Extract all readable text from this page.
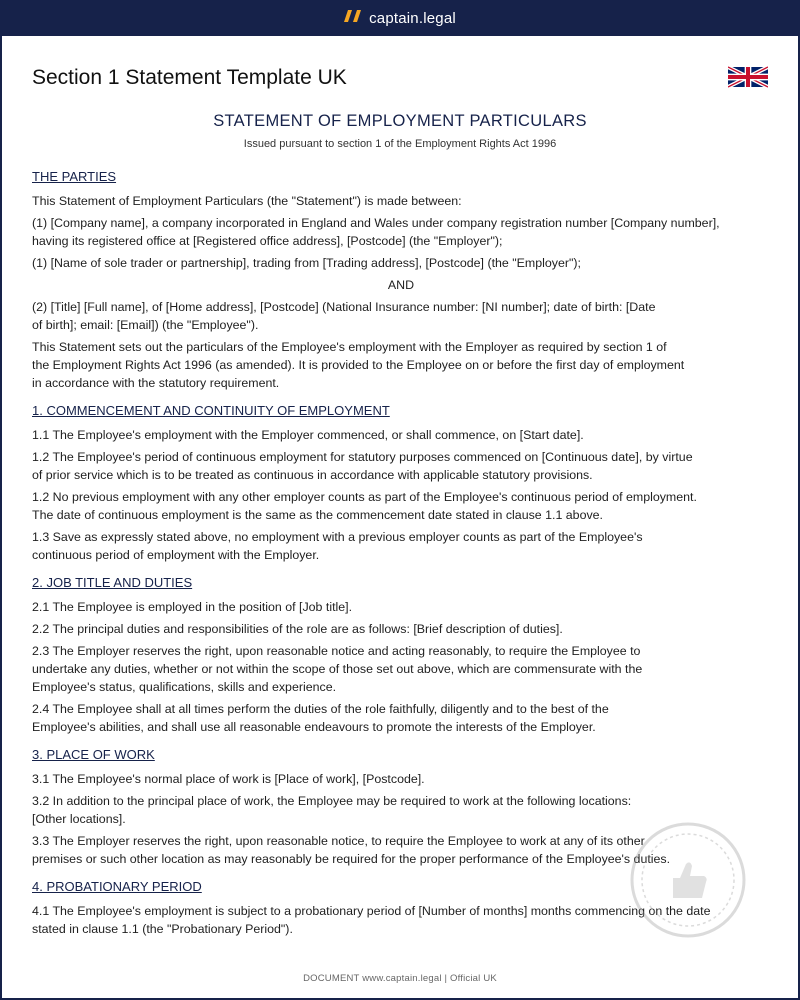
captain.legal
Section 1 Statement Template UK
STATEMENT OF EMPLOYMENT PARTICULARS
Issued pursuant to section 1 of the Employment Rights Act 1996
THE PARTIES

This Statement of Employment Particulars (the "Statement") is made between:

(1) [Company name], a company incorporated in England and Wales under company registration number [Company number],
having its registered office at [Registered office address], [Postcode] (the "Employer");

(1) [Name of sole trader or partnership], trading from [Trading address], [Postcode] (the "Employer");

AND

(2) [Title] [Full name], of [Home address], [Postcode] (National Insurance number: [NI number]; date of birth: [Date
of birth]; email: [Email]) (the "Employee").

This Statement sets out the particulars of the Employee's employment with the Employer as required by section 1 of
the Employment Rights Act 1996 (as amended). It is provided to the Employee on or before the first day of employment
in accordance with the statutory requirement.

1. COMMENCEMENT AND CONTINUITY OF EMPLOYMENT

1.1 The Employee's employment with the Employer commenced, or shall commence, on [Start date].

1.2 The Employee's period of continuous employment for statutory purposes commenced on [Continuous date], by virtue
of prior service which is to be treated as continuous in accordance with applicable statutory provisions.

1.2 No previous employment with any other employer counts as part of the Employee's continuous period of employment.
The date of continuous employment is the same as the commencement date stated in clause 1.1 above.

1.3 Save as expressly stated above, no employment with a previous employer counts as part of the Employee's
continuous period of employment with the Employer.

2. JOB TITLE AND DUTIES

2.1 The Employee is employed in the position of [Job title].

2.2 The principal duties and responsibilities of the role are as follows: [Brief description of duties].

2.3 The Employer reserves the right, upon reasonable notice and acting reasonably, to require the Employee to
undertake any duties, whether or not within the scope of those set out above, which are commensurate with the
Employee's status, qualifications, skills and experience.

2.4 The Employee shall at all times perform the duties of the role faithfully, diligently and to the best of the
Employee's abilities, and shall use all reasonable endeavours to promote the interests of the Employer.

3. PLACE OF WORK

3.1 The Employee's normal place of work is [Place of work], [Postcode].

3.2 In addition to the principal place of work, the Employee may be required to work at the following locations:
[Other locations].

3.3 The Employer reserves the right, upon reasonable notice, to require the Employee to work at any of its other
premises or such other location as may reasonably be required for the proper performance of the Employee's duties.

4. PROBATIONARY PERIOD

4.1 The Employee's employment is subject to a probationary period of [Number of months] months commencing on the date
stated in clause 1.1 (the "Probationary Period").

DOCUMENT www.captain.legal | Official UK
